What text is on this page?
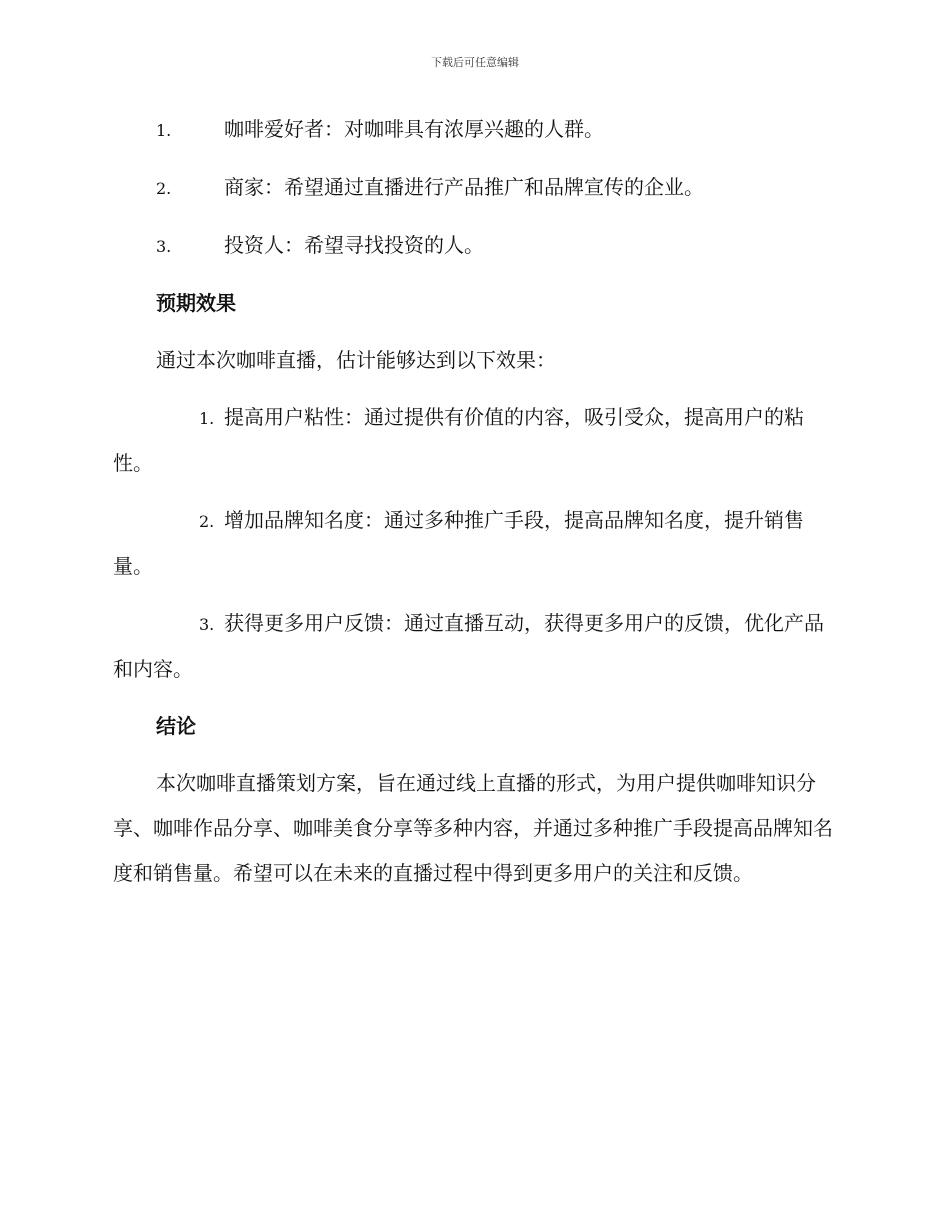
下载后可任意编辑
1.	咖啡爱好者：对咖啡具有浓厚兴趣的人群。
2.	商家：希望通过直播进行产品推广和品牌宣传的企业。
3.	投资人：希望寻找投资的人。
预期效果
通过本次咖啡直播，估计能够达到以下效果：
1. 提高用户粘性：通过提供有价值的内容，吸引受众，提高用户的粘性。
2. 增加品牌知名度：通过多种推广手段，提高品牌知名度，提升销售量。
3. 获得更多用户反馈：通过直播互动，获得更多用户的反馈，优化产品和内容。
结论
本次咖啡直播策划方案，旨在通过线上直播的形式，为用户提供咖啡知识分享、咖啡作品分享、咖啡美食分享等多种内容，并通过多种推广手段提高品牌知名度和销售量。希望可以在未来的直播过程中得到更多用户的关注和反馈。
